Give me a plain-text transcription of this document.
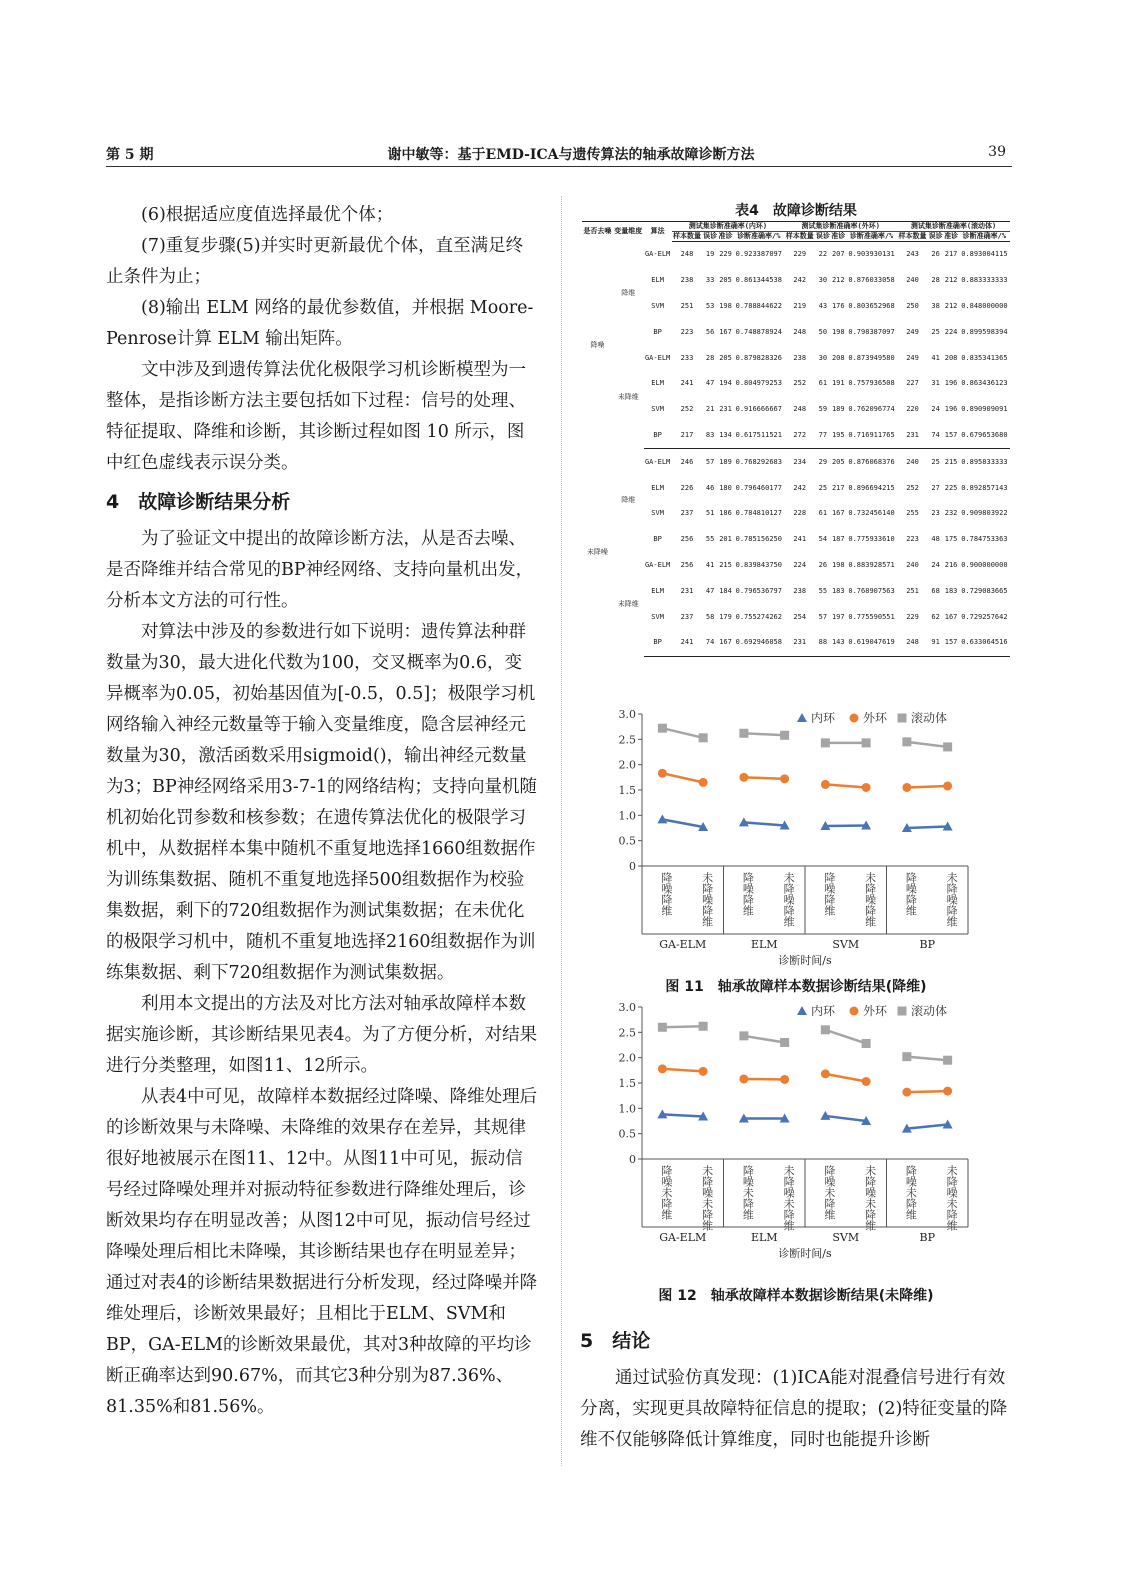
第 5 期	谢中敏等：基于EMD-ICA与遗传算法的轴承故障诊断方法	39

(6)根据适应度值选择最优个体；

(7)重复步骤(5)并实时更新最优个体，直至满足终止条件为止；

(8)输出 ELM 网络的最优参数值，并根据 Moore-Penrose计算 ELM 输出矩阵。

文中涉及到遗传算法优化极限学习机诊断模型为一整体，是指诊断方法主要包括如下过程：信号的处理、特征提取、降维和诊断，其诊断过程如图 10 所示，图中红色虚线表示误分类。

4　故障诊断结果分析

为了验证文中提出的故障诊断方法，从是否去噪、是否降维并结合常见的BP神经网络、支持向量机出发，分析本文方法的可行性。

对算法中涉及的参数进行如下说明：遗传算法种群数量为30，最大进化代数为100，交叉概率为0.6，变异概率为0.05，初始基因值为[-0.5，0.5]；极限学习机网络输入神经元数量等于输入变量维度，隐含层神经元数量为30，激活函数采用sigmoid()，输出神经元数量为3；BP神经网络采用3-7-1的网络结构；支持向量机随机初始化罚参数和核参数；在遗传算法优化的极限学习机中，从数据样本集中随机不重复地选择1660组数据作为训练集数据、随机不重复地选择500组数据作为校验集数据，剩下的720组数据作为测试集数据；在未优化的极限学习机中，随机不重复地选择2160组数据作为训练集数据、剩下720组数据作为测试集数据。

利用本文提出的方法及对比方法对轴承故障样本数据实施诊断，其诊断结果见表4。为了方便分析，对结果进行分类整理，如图11、12所示。

从表4中可见，故障样本数据经过降噪、降维处理后的诊断效果与未降噪、未降维的效果存在差异，其规律很好地被展示在图11、12中。从图11中可见，振动信号经过降噪处理并对振动特征参数进行降维处理后，诊断效果均存在明显改善；从图12中可见，振动信号经过降噪处理后相比未降噪，其诊断结果也存在明显差异；通过对表4的诊断结果数据进行分析发现，经过降噪并降维处理后，诊断效果最好；且相比于ELM、SVM和BP，GA-ELM的诊断效果最优，其对3种故障的平均诊断正确率达到90.67%，而其它3种分别为87.36%、81.35%和81.56%。

表4　故障诊断结果
是否去噪	变量维度	算法	测试集诊断准确率(内环)				测试集诊断准确率(外环)				测试集诊断准确率(滚动体)			
			样本数量	误诊	准诊	诊断准确率/%	样本数量	误诊	准诊	诊断准确率/%	样本数量	误诊	准诊	诊断准确率/%
降噪	降维	GA-ELM	248	19	229	0.923387097	229	22	207	0.903930131	243	26	217	0.893004115
		ELM	238	33	205	0.861344538	242	30	212	0.876033058	240	28	212	0.883333333
		SVM	251	53	198	0.788844622	219	43	176	0.803652968	250	38	212	0.848000000
		BP	223	56	167	0.748878924	248	50	198	0.798387097	249	25	224	0.899598394
	未降维	GA-ELM	233	28	205	0.879828326	238	30	208	0.873949580	249	41	208	0.835341365
		ELM	241	47	194	0.804979253	252	61	191	0.757936508	227	31	196	0.863436123
		SVM	252	21	231	0.916666667	248	59	189	0.762096774	220	24	196	0.890909091
		BP	217	83	134	0.617511521	272	77	195	0.716911765	231	74	157	0.679653680
未降噪	降维	GA-ELM	246	57	189	0.768292683	234	29	205	0.876068376	240	25	215	0.895833333
		ELM	226	46	180	0.796460177	242	25	217	0.896694215	252	27	225	0.892857143
		SVM	237	51	186	0.784810127	228	61	167	0.732456140	255	23	232	0.909803922
		BP	256	55	201	0.785156250	241	54	187	0.775933610	223	48	175	0.784753363
	未降维	GA-ELM	256	41	215	0.839843750	224	26	198	0.883928571	240	24	216	0.900000000
		ELM	231	47	184	0.796536797	238	55	183	0.768907563	251	68	183	0.729083665
		SVM	237	58	179	0.755274262	254	57	197	0.775590551	229	62	167	0.729257642
		BP	241	74	167	0.692946058	231	88	143	0.619047619	248	91	157	0.633064516
3.0
2.5
2.0
1.5
1.0
0.5
0
降噪降维	未降噪降维	降噪降维	未降噪降维	降噪降维	未降噪降维	降噪降维	未降噪降维
GA-ELM	ELM	SVM	BP
诊断时间/s
内环 外环 滚动体
图 11　轴承故障样本数据诊断结果(降维)
3.0
2.5
2.0
1.5
1.0
0.5
0
降噪未降维	未降噪未降维	降噪未降维	未降噪未降维	降噪未降维	未降噪未降维	降噪未降维	未降噪未降维
GA-ELM	ELM	SVM	BP
诊断时间/s
内环 外环 滚动体
图 12　轴承故障样本数据诊断结果(未降维)

5　结论

通过试验仿真发现：(1)ICA能对混叠信号进行有效分离，实现更具故障特征信息的提取；(2)特征变量的降维不仅能够降低计算维度，同时也能提升诊断
